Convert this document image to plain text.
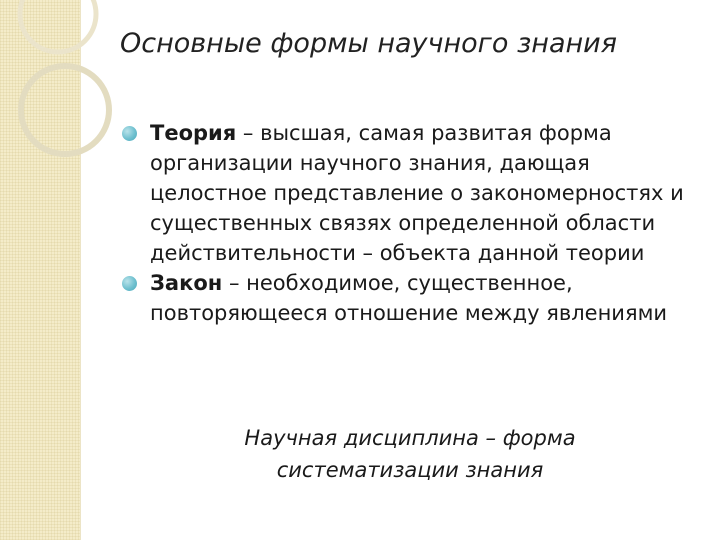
Основные формы научного знания
Теория – высшая, самая развитая форма организации научного знания, дающая целостное представление о закономерностях и существенных связях определенной области действительности – объекта данной теории
Закон – необходимое, существенное, повторяющееся отношение между явлениями

Научная дисциплина – форма
систематизации знания
